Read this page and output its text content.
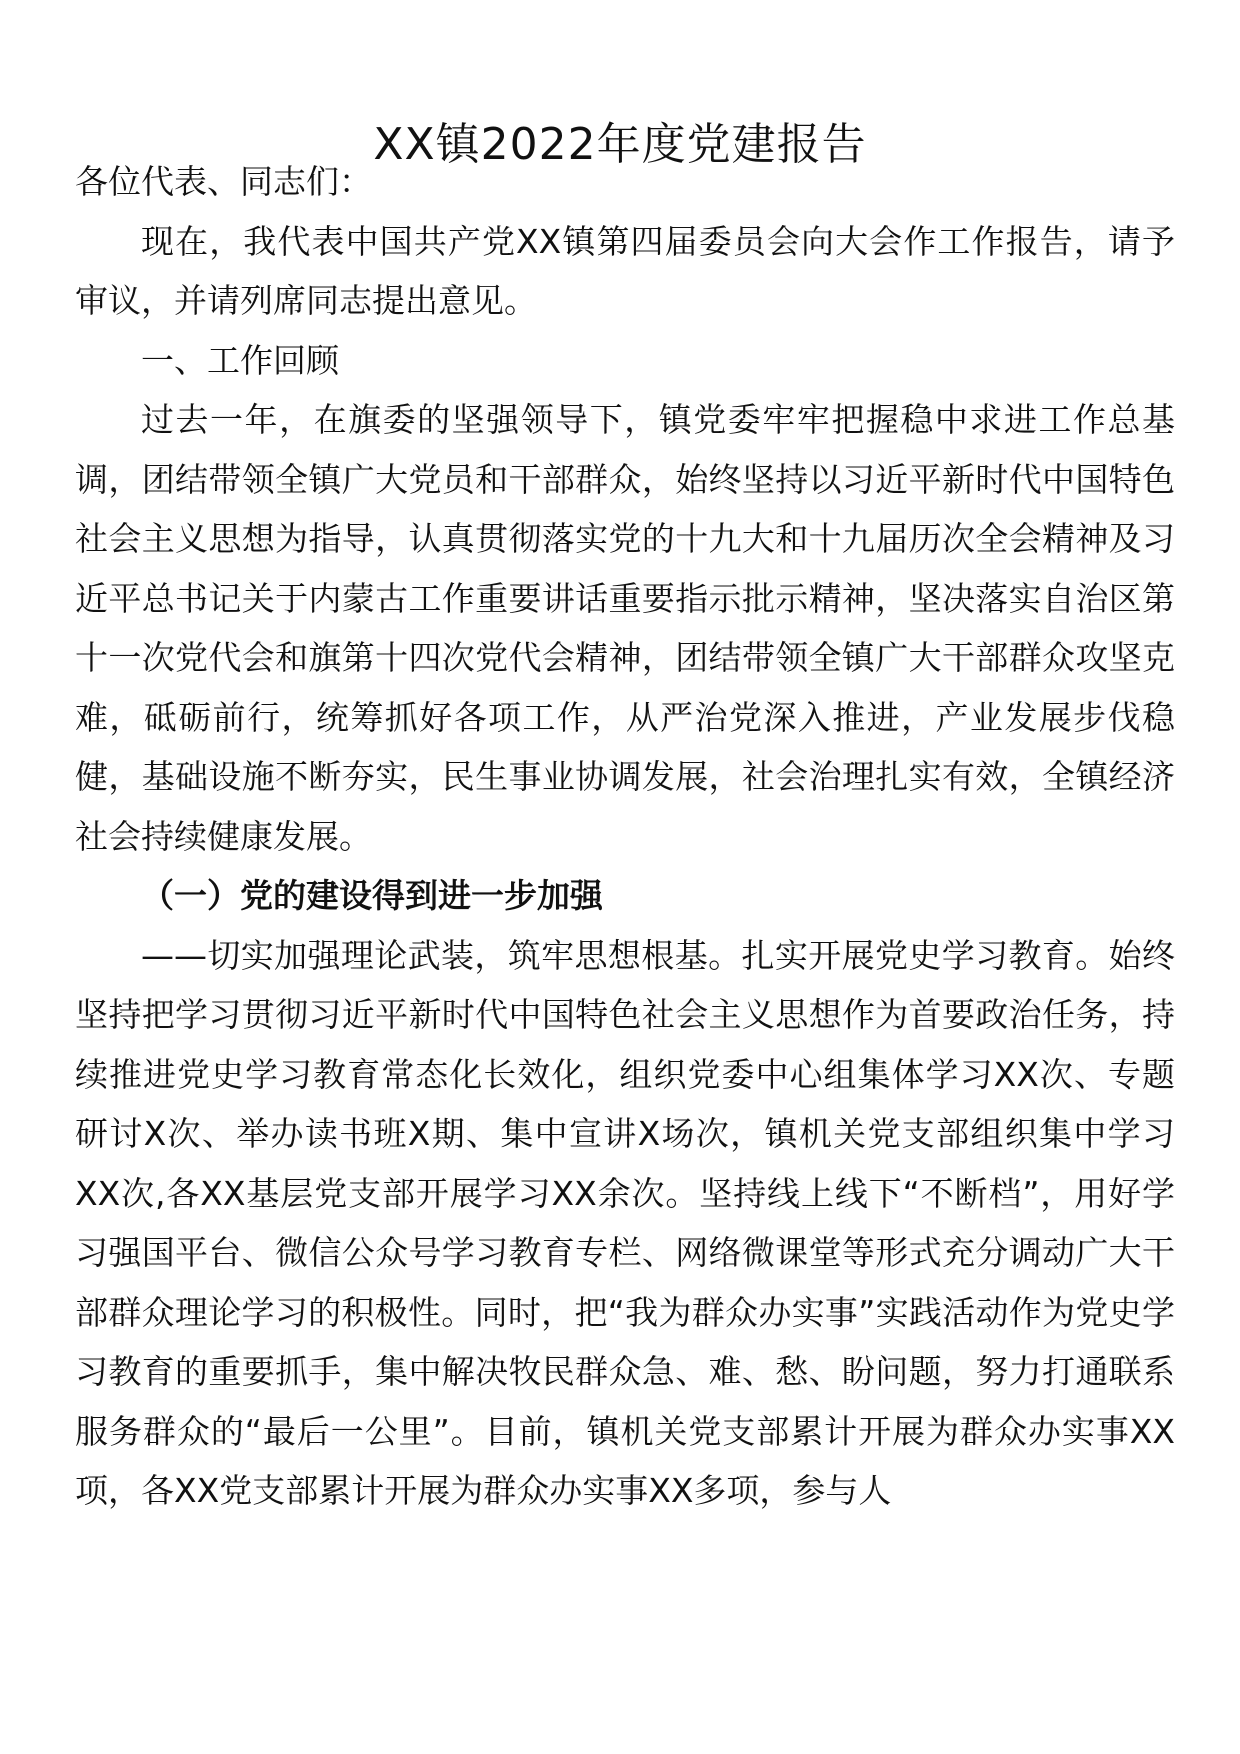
XX镇2022年度党建报告

各位代表、同志们：

现在，我代表中国共产党XX镇第四届委员会向大会作工作报告，请予审议，并请列席同志提出意见。

一、工作回顾

过去一年，在旗委的坚强领导下，镇党委牢牢把握稳中求进工作总基调，团结带领全镇广大党员和干部群众，始终坚持以习近平新时代中国特色社会主义思想为指导，认真贯彻落实党的十九大和十九届历次全会精神及习近平总书记关于内蒙古工作重要讲话重要指示批示精神，坚决落实自治区第十一次党代会和旗第十四次党代会精神，团结带领全镇广大干部群众攻坚克难，砥砺前行，统筹抓好各项工作，从严治党深入推进，产业发展步伐稳健，基础设施不断夯实，民生事业协调发展，社会治理扎实有效，全镇经济社会持续健康发展。

（一）党的建设得到进一步加强

——切实加强理论武装，筑牢思想根基。扎实开展党史学习教育。始终坚持把学习贯彻习近平新时代中国特色社会主义思想作为首要政治任务，持续推进党史学习教育常态化长效化，组织党委中心组集体学习XX次、专题研讨X次、举办读书班X期、集中宣讲X场次，镇机关党支部组织集中学习XX次,各XX基层党支部开展学习XX余次。坚持线上线下“不断档”，用好学习强国平台、微信公众号学习教育专栏、网络微课堂等形式充分调动广大干部群众理论学习的积极性。同时，把“我为群众办实事”实践活动作为党史学习教育的重要抓手，集中解决牧民群众急、难、愁、盼问题，努力打通联系服务群众的“最后一公里”。目前，镇机关党支部累计开展为群众办实事XX项，各XX党支部累计开展为群众办实事XX多项，参与人
